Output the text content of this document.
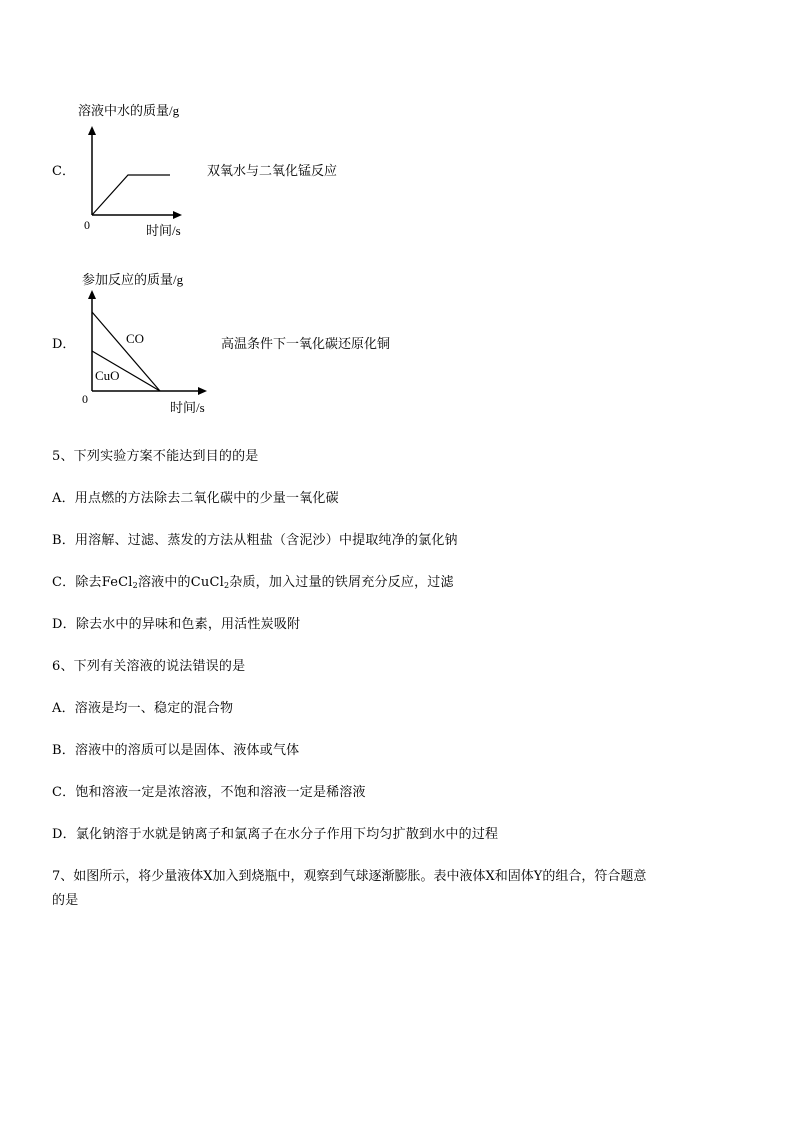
C．
溶液中水的质量/g
0	时间/s
双氧水与二氧化锰反应
D．
参加反应的质量/g
CO
CuO
0
时间/s
高温条件下一氧化碳还原化铜
5、下列实验方案不能达到目的的是
A．用点燃的方法除去二氧化碳中的少量一氧化碳
B．用溶解、过滤、蒸发的方法从粗盐（含泥沙）中提取纯净的氯化钠
C．除去FeCl$_2$溶液中的CuCl$_2$杂质，加入过量的铁屑充分反应，过滤
D．除去水中的异味和色素，用活性炭吸附
6、下列有关溶液的说法错误的是
A．溶液是均一、稳定的混合物
B．溶液中的溶质可以是固体、液体或气体
C．饱和溶液一定是浓溶液，不饱和溶液一定是稀溶液
D．氯化钠溶于水就是钠离子和氯离子在水分子作用下均匀扩散到水中的过程
7、如图所示，将少量液体X加入到烧瓶中，观察到气球逐渐膨胀。表中液体X和固体Y的组合，符合题意
的是
